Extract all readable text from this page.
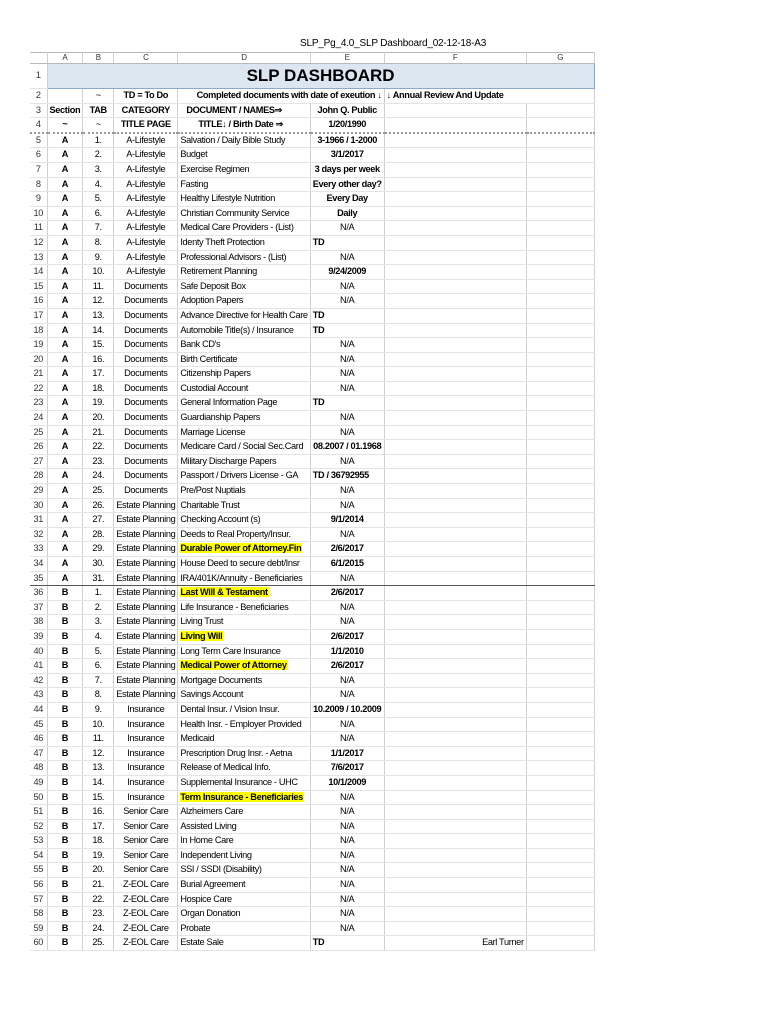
SLP_Pg_4.0_SLP Dashboard_02-12-18-A3
	A	B	C	D	E	F	G
1	SLP DASHBOARD						
2		~	TD = To Do	Completed documents with date of exeution ↓		↓ Annual Review And Update	
3	Section	TAB	CATEGORY	DOCUMENT / NAMES⇒	John Q. Public		
4	~	~	TITLE PAGE	TITLE↓ / Birth Date ⇒	1/20/1990		
5	A	1.	A-Lifestyle	Salvation / Daily Bible Study	3-1966 / 1-2000		
6	A	2.	A-Lifestyle	Budget	3/1/2017		
7	A	3.	A-Lifestyle	Exercise Regimen	3 days per week		
8	A	4.	A-Lifestyle	Fasting	Every other day?		
9	A	5.	A-Lifestyle	Healthy Lifestyle Nutrition	Every Day		
10	A	6.	A-Lifestyle	Christian Community Service	Daily		
11	A	7.	A-Lifestyle	Medical Care Providers - (List)	N/A		
12	A	8.	A-Lifestyle	Identy Theft Protection	TD		
13	A	9.	A-Lifestyle	Professional Advisors - (List)	N/A		
14	A	10.	A-Lifestyle	Retirement Planning	9/24/2009		
15	A	11.	Documents	Safe Deposit Box	N/A		
16	A	12.	Documents	Adoption Papers	N/A		
17	A	13.	Documents	Advance Directive for Health Care	TD		
18	A	14.	Documents	Automobile Title(s) / Insurance	TD		
19	A	15.	Documents	Bank CD's	N/A		
20	A	16.	Documents	Birth Certificate	N/A		
21	A	17.	Documents	Citizenship Papers	N/A		
22	A	18.	Documents	Custodial Account	N/A		
23	A	19.	Documents	General Information Page	TD		
24	A	20.	Documents	Guardianship Papers	N/A		
25	A	21.	Documents	Marriage License	N/A		
26	A	22.	Documents	Medicare Card / Social Sec.Card	08.2007 / 01.1968		
27	A	23.	Documents	Military Discharge Papers	N/A		
28	A	24.	Documents	Passport / Drivers License - GA	TD / 36792955		
29	A	25.	Documents	Pre/Post Nuptials	N/A		
30	A	26.	Estate Planning	Charitable Trust	N/A		
31	A	27.	Estate Planning	Checking Account (s)	9/1/2014		
32	A	28.	Estate Planning	Deeds to Real Property/Insur.	N/A		
33	A	29.	Estate Planning	Durable Power of Attorney.Fin	2/6/2017		
34	A	30.	Estate Planning	House Deed to secure debt/Insr	6/1/2015		
35	A	31.	Estate Planning	IRA/401K/Annuity - Beneficiaries	N/A		
36	B	1.	Estate Planning	Last Will & Testament	2/6/2017		
37	B	2.	Estate Planning	Life Insurance - Beneficiaries	N/A		
38	B	3.	Estate Planning	Living Trust	N/A		
39	B	4.	Estate Planning	Living Will	2/6/2017		
40	B	5.	Estate Planning	Long Term Care Insurance	1/1/2010		
41	B	6.	Estate Planning	Medical Power of Attorney	2/6/2017		
42	B	7.	Estate Planning	Mortgage Documents	N/A		
43	B	8.	Estate Planning	Savings Account	N/A		
44	B	9.	Insurance	Dental Insur. / Vision Insur.	10.2009 / 10.2009		
45	B	10.	Insurance	Health Insr. - Employer Provided	N/A		
46	B	11.	Insurance	Medicaid	N/A		
47	B	12.	Insurance	Prescription Drug Insr. - Aetna	1/1/2017		
48	B	13.	Insurance	Release of Medical Info.	7/6/2017		
49	B	14.	Insurance	Supplemental Insurance - UHC	10/1/2009		
50	B	15.	Insurance	Term Insurance - Beneficiaries	N/A		
51	B	16.	Senior Care	Alzheimers Care	N/A		
52	B	17.	Senior Care	Assisted Living	N/A		
53	B	18.	Senior Care	In Home Care	N/A		
54	B	19.	Senior Care	Independent Living	N/A		
55	B	20.	Senior Care	SSI / SSDI (Disability)	N/A		
56	B	21.	Z-EOL Care	Burial Agreement	N/A		
57	B	22.	Z-EOL Care	Hospice Care	N/A		
58	B	23.	Z-EOL Care	Organ Donation	N/A		
59	B	24.	Z-EOL Care	Probate	N/A		
60	B	25.	Z-EOL Care	Estate Sale	TD	Earl Turner	
